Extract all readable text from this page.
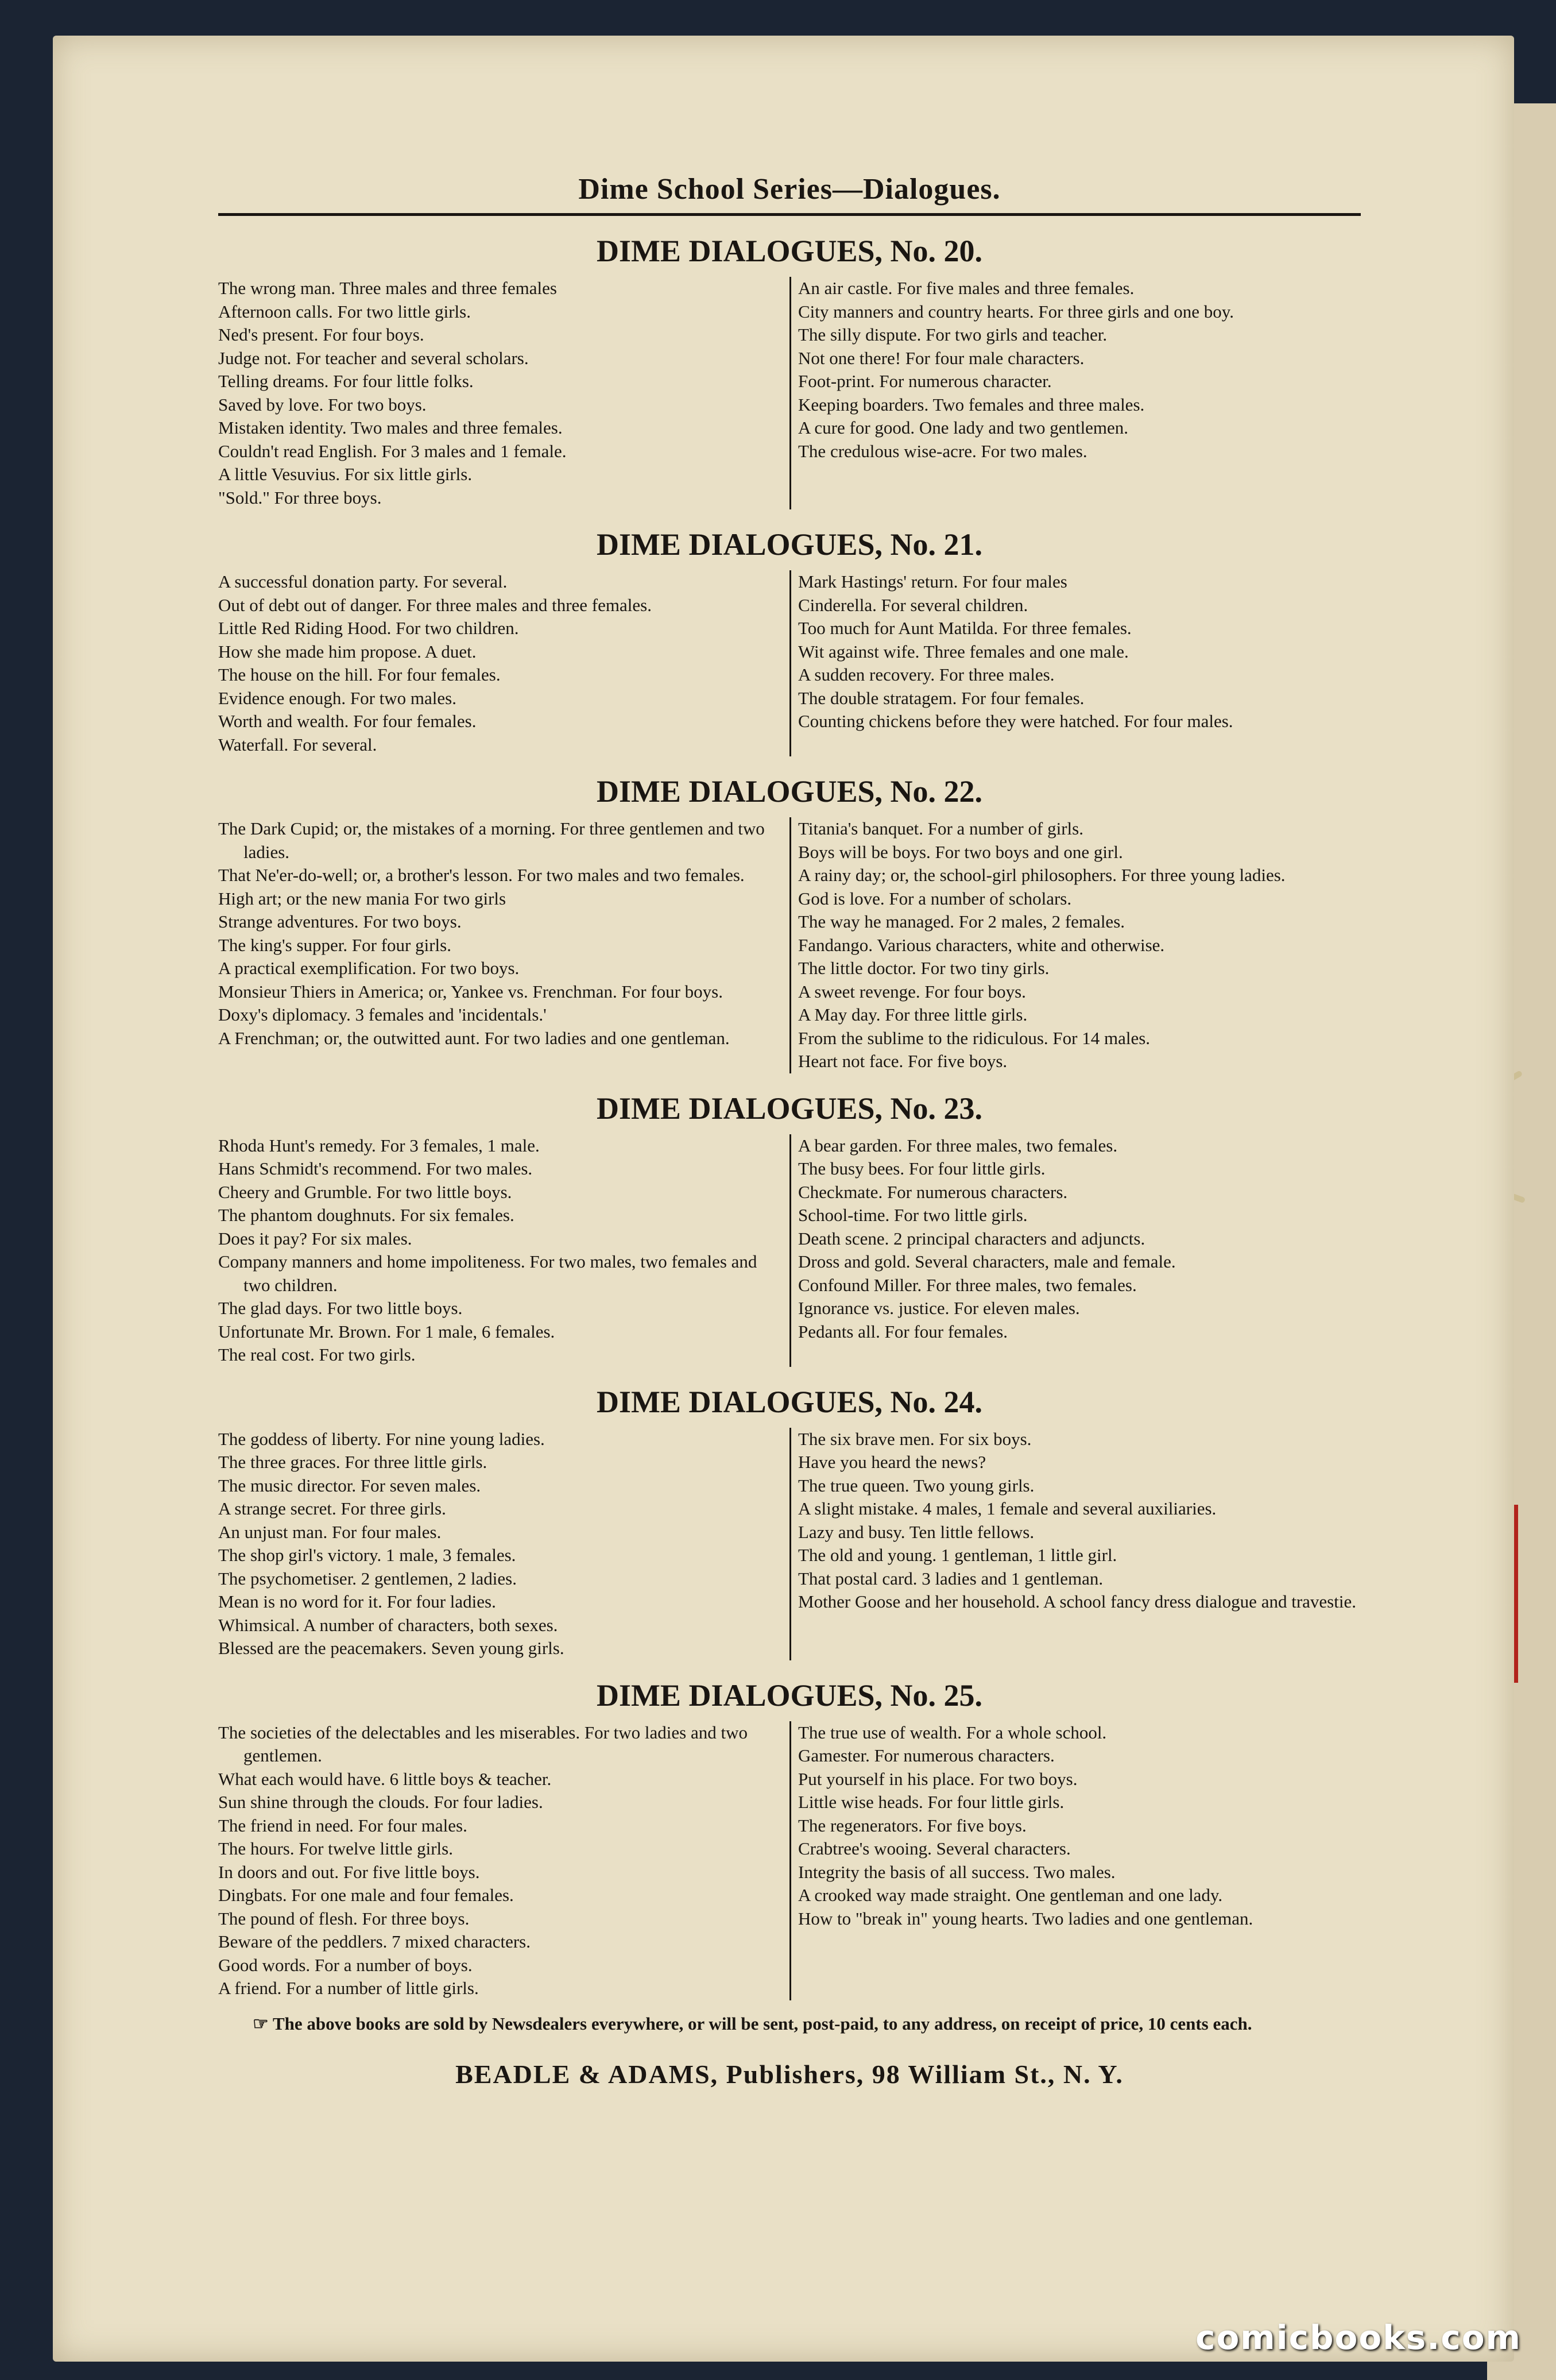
Dime School Series—Dialogues.
DIME DIALOGUES, No. 20.
The wrong man. Three males and three females
Afternoon calls. For two little girls.
Ned's present. For four boys.
Judge not. For teacher and several scholars.
Telling dreams. For four little folks.
Saved by love. For two boys.
Mistaken identity. Two males and three females.
Couldn't read English. For 3 males and 1 female.
A little Vesuvius. For six little girls.
"Sold." For three boys.
An air castle. For five males and three females.
City manners and country hearts. For three girls and one boy.
The silly dispute. For two girls and teacher.
Not one there! For four male characters.
Foot-print. For numerous character.
Keeping boarders. Two females and three males.
A cure for good. One lady and two gentlemen.
The credulous wise-acre. For two males.
DIME DIALOGUES, No. 21.
A successful donation party. For several.
Out of debt out of danger. For three males and three females.
Little Red Riding Hood. For two children.
How she made him propose. A duet.
The house on the hill. For four females.
Evidence enough. For two males.
Worth and wealth. For four females.
Waterfall. For several.
Mark Hastings' return. For four males
Cinderella. For several children.
Too much for Aunt Matilda. For three females.
Wit against wife. Three females and one male.
A sudden recovery. For three males.
The double stratagem. For four females.
Counting chickens before they were hatched. For four males.
DIME DIALOGUES, No. 22.
The Dark Cupid; or, the mistakes of a morning. For three gentlemen and two ladies.
That Ne'er-do-well; or, a brother's lesson. For two males and two females.
High art; or the new mania For two girls
Strange adventures. For two boys.
The king's supper. For four girls.
A practical exemplification. For two boys.
Monsieur Thiers in America; or, Yankee vs. Frenchman. For four boys.
Doxy's diplomacy. 3 females and 'incidentals.'
A Frenchman; or, the outwitted aunt. For two ladies and one gentleman.
Titania's banquet. For a number of girls.
Boys will be boys. For two boys and one girl.
A rainy day; or, the school-girl philosophers. For three young ladies.
God is love. For a number of scholars.
The way he managed. For 2 males, 2 females.
Fandango. Various characters, white and otherwise.
The little doctor. For two tiny girls.
A sweet revenge. For four boys.
A May day. For three little girls.
From the sublime to the ridiculous. For 14 males.
Heart not face. For five boys.
DIME DIALOGUES, No. 23.
Rhoda Hunt's remedy. For 3 females, 1 male.
Hans Schmidt's recommend. For two males.
Cheery and Grumble. For two little boys.
The phantom doughnuts. For six females.
Does it pay? For six males.
Company manners and home impoliteness. For two males, two females and two children.
The glad days. For two little boys.
Unfortunate Mr. Brown. For 1 male, 6 females.
The real cost. For two girls.
A bear garden. For three males, two females.
The busy bees. For four little girls.
Checkmate. For numerous characters.
School-time. For two little girls.
Death scene. 2 principal characters and adjuncts.
Dross and gold. Several characters, male and female.
Confound Miller. For three males, two females.
Ignorance vs. justice. For eleven males.
Pedants all. For four females.
DIME DIALOGUES, No. 24.
The goddess of liberty. For nine young ladies.
The three graces. For three little girls.
The music director. For seven males.
A strange secret. For three girls.
An unjust man. For four males.
The shop girl's victory. 1 male, 3 females.
The psychometiser. 2 gentlemen, 2 ladies.
Mean is no word for it. For four ladies.
Whimsical. A number of characters, both sexes.
Blessed are the peacemakers. Seven young girls.
The six brave men. For six boys.
Have you heard the news?
The true queen. Two young girls.
A slight mistake. 4 males, 1 female and several auxiliaries.
Lazy and busy. Ten little fellows.
The old and young. 1 gentleman, 1 little girl.
That postal card. 3 ladies and 1 gentleman.
Mother Goose and her household. A school fancy dress dialogue and travestie.
DIME DIALOGUES, No. 25.
The societies of the delectables and les miserables. For two ladies and two gentlemen.
What each would have. 6 little boys & teacher.
Sun shine through the clouds. For four ladies.
The friend in need. For four males.
The hours. For twelve little girls.
In doors and out. For five little boys.
Dingbats. For one male and four females.
The pound of flesh. For three boys.
Beware of the peddlers. 7 mixed characters.
Good words. For a number of boys.
A friend. For a number of little girls.
The true use of wealth. For a whole school.
Gamester. For numerous characters.
Put yourself in his place. For two boys.
Little wise heads. For four little girls.
The regenerators. For five boys.
Crabtree's wooing. Several characters.
Integrity the basis of all success. Two males.
A crooked way made straight. One gentleman and one lady.
How to "break in" young hearts. Two ladies and one gentleman.
☞ The above books are sold by Newsdealers everywhere, or will be sent, post-paid, to any address, on receipt of price, 10 cents each.
BEADLE & ADAMS, Publishers, 98 William St., N. Y.
comicbooks.com
